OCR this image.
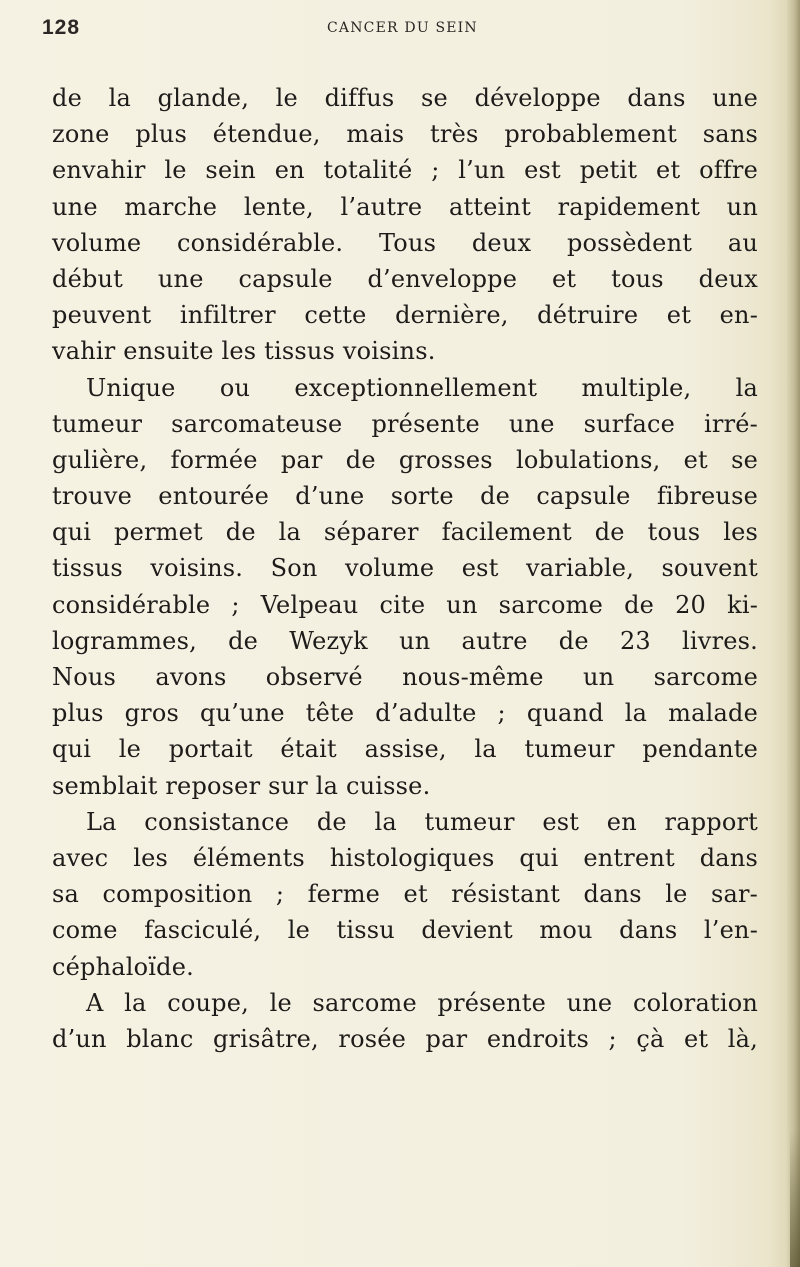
128	CANCER DU SEIN
de la glande, le diffus se développe dans une
zone plus étendue, mais très probablement sans
envahir le sein en totalité ; l’un est petit et offre
une marche lente, l’autre atteint rapidement un
volume considérable. Tous deux possèdent au
début une capsule d’enveloppe et tous deux
peuvent infiltrer cette dernière, détruire et en-
vahir ensuite les tissus voisins.
Unique ou exceptionnellement multiple, la
tumeur sarcomateuse présente une surface irré-
gulière, formée par de grosses lobulations, et se
trouve entourée d’une sorte de capsule fibreuse
qui permet de la séparer facilement de tous les
tissus voisins. Son volume est variable, souvent
considérable ; Velpeau cite un sarcome de 20 ki-
logrammes, de Wezyk un autre de 23 livres.
Nous avons observé nous-même un sarcome
plus gros qu’une tête d’adulte ; quand la malade
qui le portait était assise, la tumeur pendante
semblait reposer sur la cuisse.
La consistance de la tumeur est en rapport
avec les éléments histologiques qui entrent dans
sa composition ; ferme et résistant dans le sar-
come fasciculé, le tissu devient mou dans l’en-
céphaloïde.
A la coupe, le sarcome présente une coloration
d’un blanc grisâtre, rosée par endroits ; çà et là,
